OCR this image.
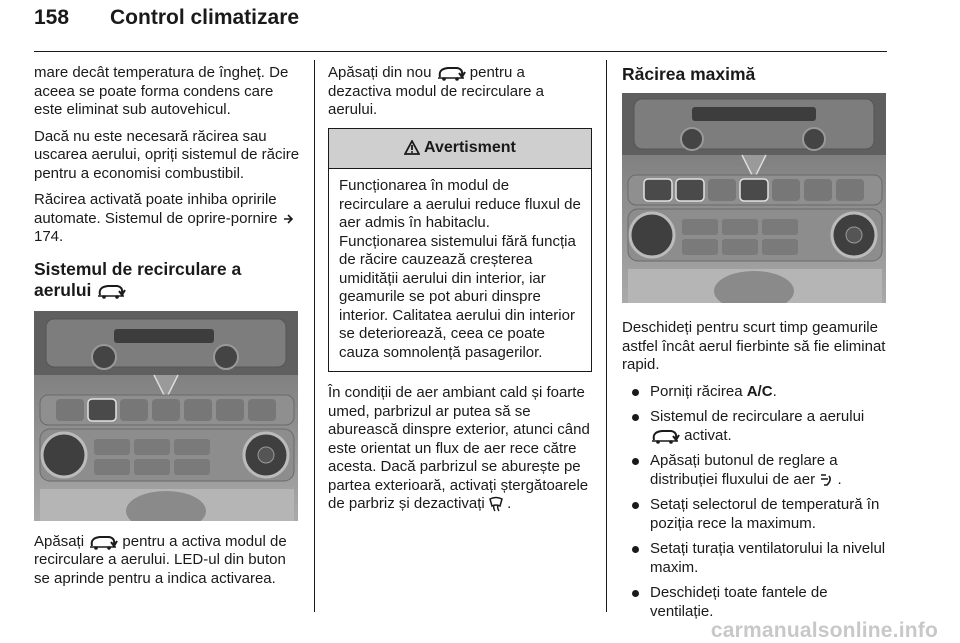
158 Control climatizare

mare decât temperatura de îngheț. De aceea se poate forma condens care este eliminat sub autovehicul.

Dacă nu este necesară răcirea sau uscarea aerului, opriți sistemul de răcire pentru a economisi combustibil.

Răcirea activată poate inhiba opririle automate. Sistemul de oprire-pornire  174.

Sistemul de recirculare a
aerului

Apăsați	pentru a activa modul de recirculare a aerului. LED-ul din buton se aprinde pentru a indica activarea.

Apăsați din nou	pentru a dezactiva modul de recirculare a aerului.

Avertisment
Funcționarea în modul de recirculare a aerului reduce fluxul de aer admis în habitaclu.
Funcționarea sistemului fără funcția de răcire cauzează creșterea umidității aerului din interior, iar geamurile se pot aburi dinspre interior. Calitatea aerului din interior se deteriorează, ceea ce poate cauza somnolență pasagerilor.

În condiții de aer ambiant cald și foarte umed, parbrizul ar putea să se aburească dinspre exterior, atunci când este orientat un flux de aer rece către acesta. Dacă parbrizul se aburește pe partea exterioară, activați ștergătoarele de parbriz și dezactivați .

Răcirea maximă

Deschideți pentru scurt timp geamurile astfel încât aerul fierbinte să fie eliminat rapid.

Porniți răcirea A/C.
Sistemul de recirculare a aerului  activat.
Apăsați butonul de reglare a distribuției fluxului de aer .
Setați selectorul de temperatură în poziția rece la maximum.
Setați turația ventilatorului la nivelul maxim.
Deschideți toate fantele de ventilație.
carmanualsonline.info
